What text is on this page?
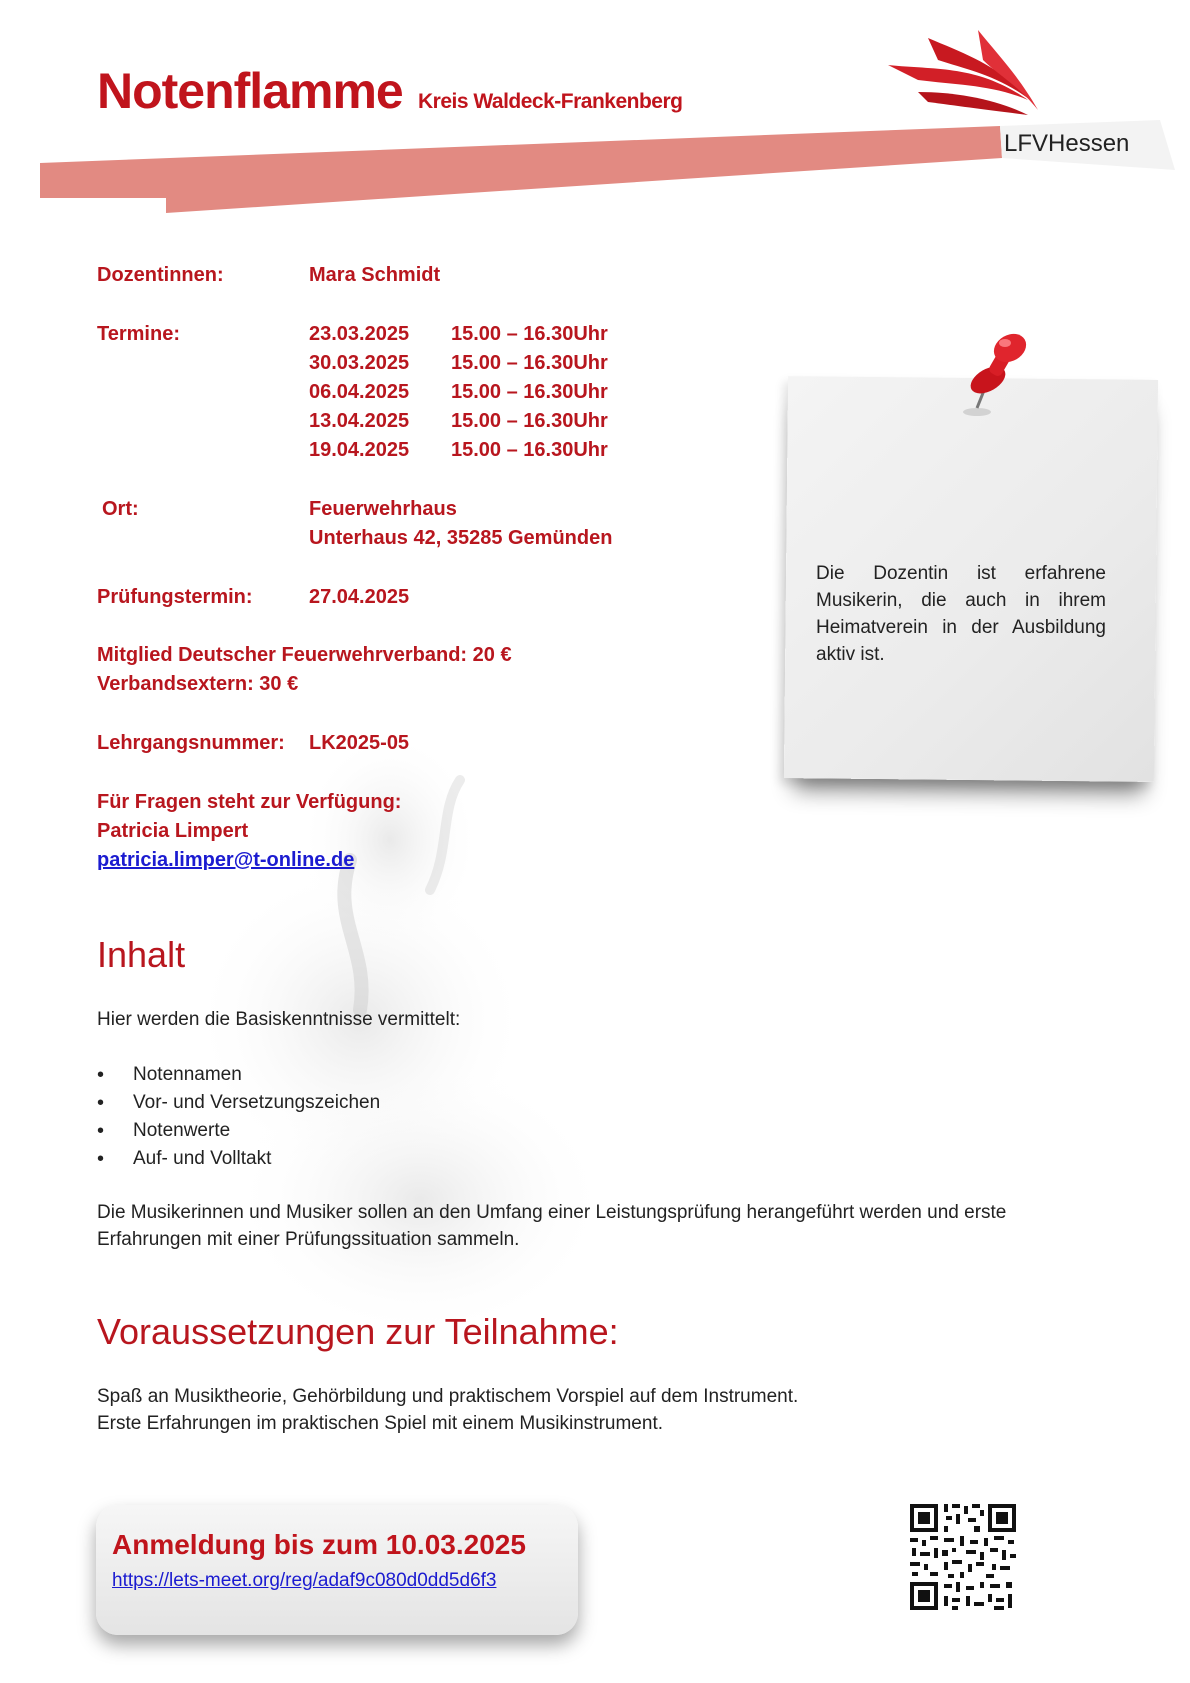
LFVHessen
Notenflamme Kreis Waldeck-Frankenberg
Dozentinnen:	Mara Schmidt
Termine:	23.03.2025 15.00 – 16.30Uhr
30.03.2025 15.00 – 16.30Uhr
06.04.2025 15.00 – 16.30Uhr
13.04.2025 15.00 – 16.30Uhr
19.04.2025 15.00 – 16.30Uhr
Ort:	Feuerwehrhaus
Unterhaus 42, 35285 Gemünden
Prüfungstermin:	27.04.2025
Mitglied Deutscher Feuerwehrverband: 20 €
Verbandsextern: 30 €
Lehrgangsnummer: LK2025-05
Für Fragen steht zur Verfügung:
Patricia Limpert
patricia.limper@t-online.de
Die Dozentin ist erfahrene Musikerin, die auch in ihrem Heimatverein in der Ausbildung aktiv ist.
Inhalt
Hier werden die Basiskenntnisse vermittelt:
• Notennamen
• Vor- und Versetzungszeichen
• Notenwerte
• Auf- und Volltakt
Die Musikerinnen und Musiker sollen an den Umfang einer Leistungsprüfung herangeführt werden und erste
Erfahrungen mit einer Prüfungssituation sammeln.
Voraussetzungen zur Teilnahme:
Spaß an Musiktheorie, Gehörbildung und praktischem Vorspiel auf dem Instrument.
Erste Erfahrungen im praktischen Spiel mit einem Musikinstrument.
Anmeldung bis zum 10.03.2025
https://lets-meet.org/reg/adaf9c080d0dd5d6f3
